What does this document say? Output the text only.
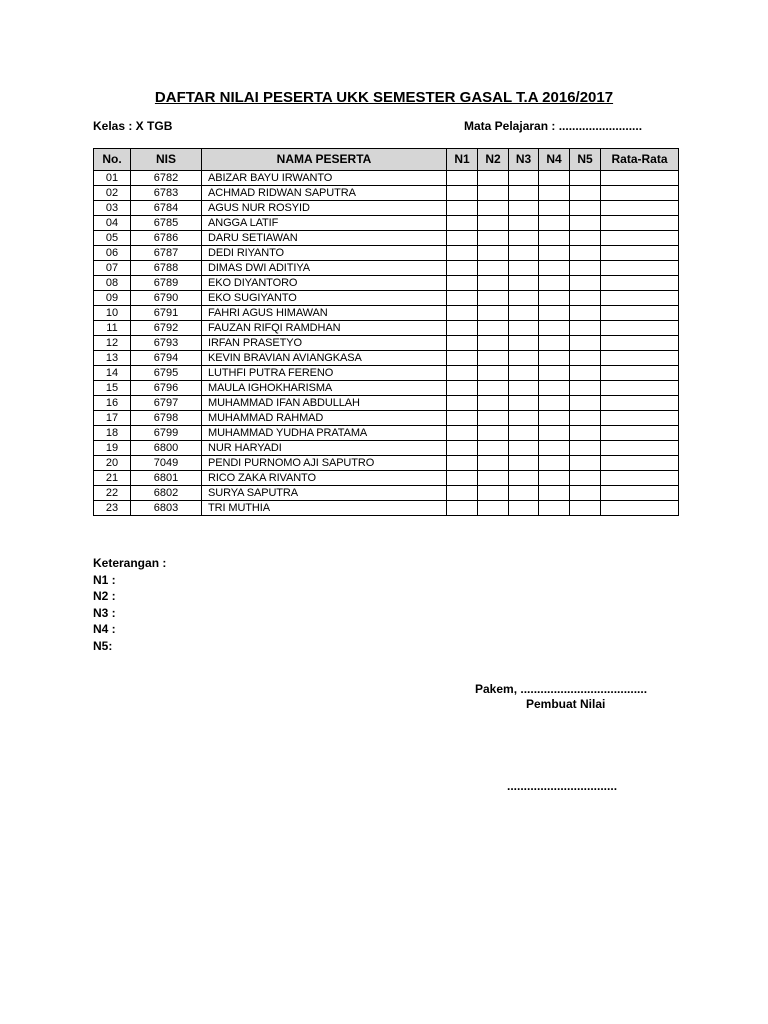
DAFTAR NILAI PESERTA UKK SEMESTER GASAL T.A 2016/2017
Kelas : X TGB	Mata Pelajaran : .........................
No.	NIS	NAMA PESERTA	N1	N2	N3	N4	N5	Rata-Rata
01	6782	ABIZAR BAYU IRWANTO						
02	6783	ACHMAD RIDWAN SAPUTRA						
03	6784	AGUS NUR ROSYID						
04	6785	ANGGA LATIF						
05	6786	DARU SETIAWAN						
06	6787	DEDI RIYANTO						
07	6788	DIMAS DWI ADITIYA						
08	6789	EKO DIYANTORO						
09	6790	EKO SUGIYANTO						
10	6791	FAHRI AGUS HIMAWAN						
11	6792	FAUZAN RIFQI RAMDHAN						
12	6793	IRFAN PRASETYO						
13	6794	KEVIN BRAVIAN AVIANGKASA						
14	6795	LUTHFI PUTRA FERENO						
15	6796	MAULA IGHOKHARISMA						
16	6797	MUHAMMAD IFAN ABDULLAH						
17	6798	MUHAMMAD RAHMAD						
18	6799	MUHAMMAD YUDHA PRATAMA						
19	6800	NUR HARYADI						
20	7049	PENDI PURNOMO AJI SAPUTRO						
21	6801	RICO ZAKA RIVANTO						
22	6802	SURYA SAPUTRA						
23	6803	TRI MUTHIA						
Keterangan :
N1 :
N2 :
N3 :
N4 :
N5:
Pakem, ......................................
Pembuat Nilai
.................................
